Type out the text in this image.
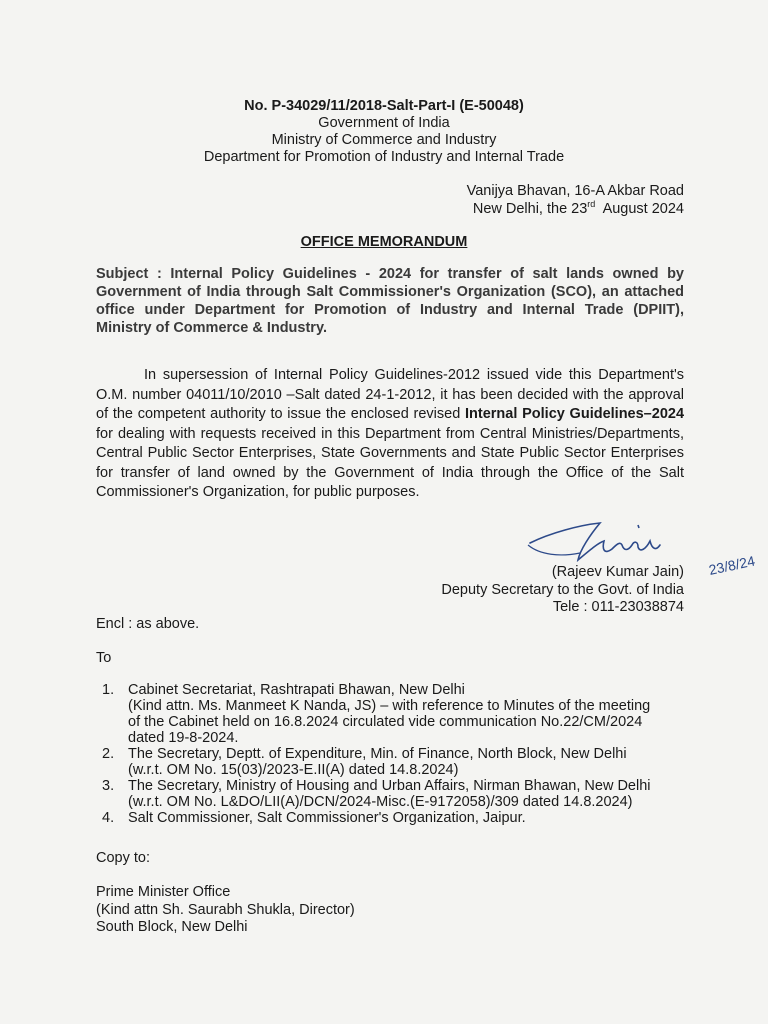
No. P-34029/11/2018-Salt-Part-I (E-50048)
Government of India
Ministry of Commerce and Industry
Department for Promotion of Industry and Internal Trade
Vanijya Bhavan, 16-A Akbar Road
New Delhi, the 23rd  August 2024
OFFICE MEMORANDUM
Subject : Internal Policy Guidelines - 2024 for transfer of salt lands owned by Government of India through Salt Commissioner's Organization (SCO), an attached office under Department for Promotion of Industry and Internal Trade (DPIIT), Ministry of Commerce & Industry.
In supersession of Internal Policy Guidelines-2012 issued vide this Department's O.M. number 04011/10/2010 –Salt dated 24-1-2012, it has been decided with the approval of the competent authority to issue the enclosed revised Internal Policy Guidelines–2024 for dealing with requests received in this Department from Central Ministries/Departments, Central Public Sector Enterprises, State Governments and State Public Sector Enterprises for transfer of land owned by the Government of India through the Office of the Salt Commissioner's Organization, for public purposes.
23/8/24
(Rajeev Kumar Jain)
Deputy Secretary to the Govt. of India
Tele : 011-23038874
Encl : as above.
To
1. Cabinet Secretariat, Rashtrapati Bhawan, New Delhi
(Kind attn. Ms. Manmeet K Nanda, JS) – with reference to Minutes of the meeting
of the Cabinet held on 16.8.2024 circulated vide communication No.22/CM/2024
dated 19-8-2024.
2. The Secretary, Deptt. of Expenditure, Min. of Finance, North Block, New Delhi
(w.r.t. OM No. 15(03)/2023-E.II(A) dated 14.8.2024)
3. The Secretary, Ministry of Housing and Urban Affairs, Nirman Bhawan, New Delhi
(w.r.t. OM No. L&DO/LII(A)/DCN/2024-Misc.(E-9172058)/309 dated 14.8.2024)
4. Salt Commissioner, Salt Commissioner's Organization, Jaipur.
Copy to:
Prime Minister Office
(Kind attn Sh. Saurabh Shukla, Director)
South Block, New Delhi
